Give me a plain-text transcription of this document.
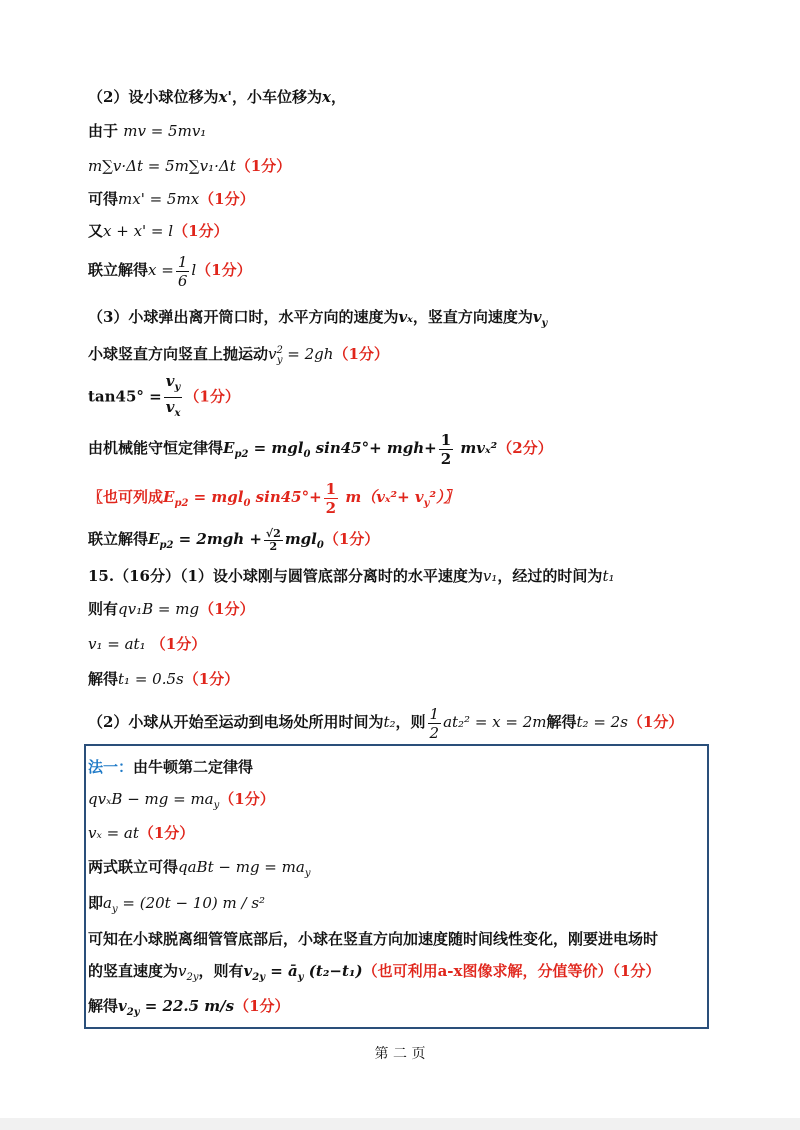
（2）设小球位移为x'，小车位移为x，
由于 mv = 5mv₁
m∑v·Δt = 5m∑v₁·Δt（1分）
可得mx' = 5mx（1分）
又x + x' = l（1分）
联立解得$x = \frac{1}{6} l(1$分）
（3）小球弹出离开筒口时，水平方向的速度为vₓ，竖直方向速度为$v_y$
小球竖直方向竖直上抛运动$v^2_y = 2gh(1$分）
$\tan 45^\circ = \frac{v_y}{v_x} (1$分）
由机械能守恒定律得$E_{p2} = mgl_0$ $\sin 45^\circ+ mgh+ \frac{1}{2} mv_x^2(2$分）
〖也可列成$E_{p2} = mgl_0$ $\sin 45^\circ+ \frac{1}{2} m(v_x^2+ v_y^2)$〗
联立解得$E_{p2} = 2mgh + \frac{√2}{2} mgl_0(1$分）
15.（16分）（1）设小球刚与圆管底部分离时的水平速度为v₁，经过的时间为t₁
则有qv₁B = mg（1分）
v₁ = at₁ （1分）
解得t₁ = 0.5s（1分）
（2）小球从开始至运动到电场处所用时间为t₂，则 $\frac{1}{2} at_2^2 = x = 2m$解得t₂ = 2s（1分）
法一：由牛顿第二定律得
qvₓB − mg = $ma_y(1$分）
vₓ = at（1分）
两式联立可得qaBt − mg = $ma_y$
即$a_y = (20t - 10)$ m / s²
可知在小球脱离细管管底部后，小球在竖直方向加速度随时间线性变化，刚要进电场时
的竖直速度为$v_{2y}$，则有$v_{2y}$ = $ā_y$ (t₂−t₁)（也可利用a-x图像求解，分值等价）（1分）
解得$v_{2y} = 22.5$ m/s（1分）
第 二 页
